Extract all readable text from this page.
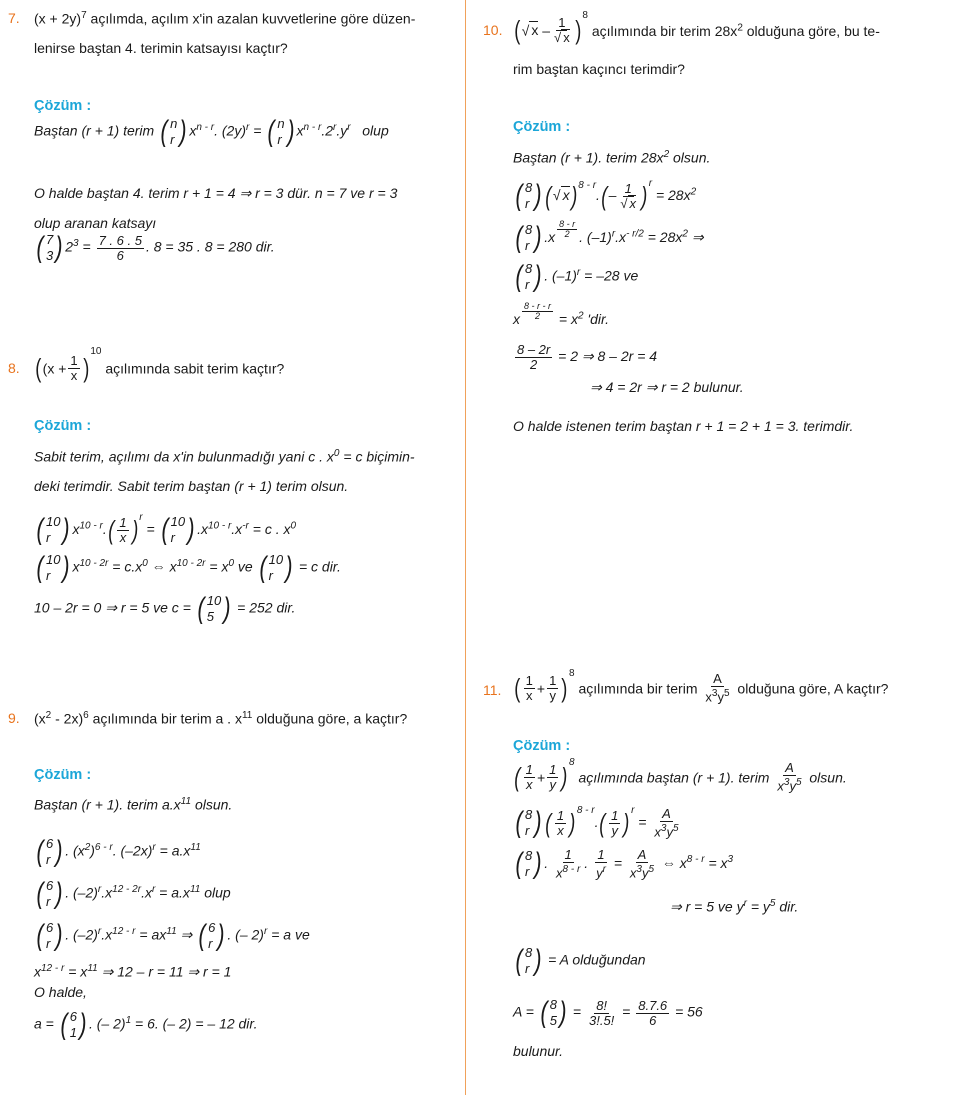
7. $(x + 2y)^7$ açılımda, açılım x'in azalan kuvvetlerine göre düzen-
lenirse baştan 4. terimin katsayısı kaçtır?
Çözüm :
Baştan (r + 1) terim ( n
r ) $x^{n - r}$. $(2y)^r$ = ( n
r ) $x^{n - r}.2^r.y^r$ olup
O halde baştan 4. terim r + 1 = 4 ⇒ r = 3 dür. n = 7 ve r = 3
olup aranan katsayı
( 7
3 ) $2^3 = \frac{7 . 6 . 5}{6}$ . 8 = 35 . 8 = 280 dir.
8. ($(x + \frac{1}{x} )^{10}$ açılımında sabit terim kaçtır?
Çözüm :
Sabit terim, açılımı da x'in bulunmadığı yani c . $x^0 = c$ biçimin-
deki terimdir. Sabit terim baştan (r + 1) terim olsun.
( 10
r ) $x^{10 - r}.( \frac{1}{x} )^r$ = ( 10
r ) $.x^{10 - r}.x^{-r} = c$ . $x^0$
( 10
r ) $x^{10 - 2r} = c.x^0$ ⇔ $x^{10 - 2r} = x^0$ ve ( 10
r ) = c dir.
10 – 2r = 0 ⇒ r = 5 ve c = ( 10
5 ) = 252 dir.
9. $(x^2 - 2x)^6$ açılımında bir terim a . $x^{11}$ olduğuna göre, a kaçtır?
Çözüm :
Baştan (r + 1). terim $a.x^{11}$ olsun.
( 6
r ) . $(x^2)^{6 - r}$. $(-2x)^r = a.x^{11}$
( 6
r ) . $(-2)^r.x^{12 - 2r}.x^r = a.x^{11}$ olup
( 6
r ) . $(-2)^r.x^{12 - r} = ax^{11}$ ⇒ ( 6
r ) . (– 2)$^r$ = a ve
$x^{12 - r} = x^{11}$ ⇒ 12 – r = 11 ⇒ r = 1
O halde,
a = ( 6
1 ) . (– 2)$^1$ = 6. (– 2) = – 12 dir.
10. (√ x – $\frac{1}{√ x} )^8$ açılımında bir terim $28x^2$ olduğuna göre, bu te-
rim baştan kaçıncı terimdir?
Çözüm :
Baştan (r + 1). terim $28x^2$ olsun.
( 8
r ) (√ $x)^{8 - r}.(- \frac{1}{√ x} )^r = 28x^2$
( 8
r ) .x $^{\frac{8 - r}{2}}$ . $(-1)^r.x^{- r/2} = 28x^2$ ⇒
( 8
r ) . $(-1)^r = -28$ ve
x $^{\frac{8 - r - r}{2}} = x^2$ 'dir.
$\frac{8 - 2r}{2} = 2$ ⇒ 8 – 2r = 4
⇒ 4 = 2r ⇒ r = 2 bulunur.
O halde istenen terim baştan r + 1 = 2 + 1 = 3. terimdir.
11. ( $\frac{1}{x} + \frac{1}{y} )^8$ açılımında bir terim $\frac{A}{x^3y^5}$ olduğuna göre, A kaçtır?
Çözüm :
( $\frac{1}{x} + \frac{1}{y} )^8$ açılımında baştan (r + 1). terim $\frac{A}{x^3y^5}$ olsun.
( 8
r ) ( $\frac{1}{x} )^{8 - r}.( \frac{1}{y} )^r = \frac{A}{x^3y^5}$
( 8
r ) . $\frac{1}{x^{8 - r}}$ . $\frac{1}{y^r} = \frac{A}{x^3y^5}$ ⇔ $x^{8 - r} = x^3$
⇒ r = 5 ve $y^r = y^5$ dir.
( 8
r ) = A olduğundan
A = ( 8
5 ) = $\frac{8!}{3!.5!} = \frac{8.7.6}{6} = 56$
bulunur.
